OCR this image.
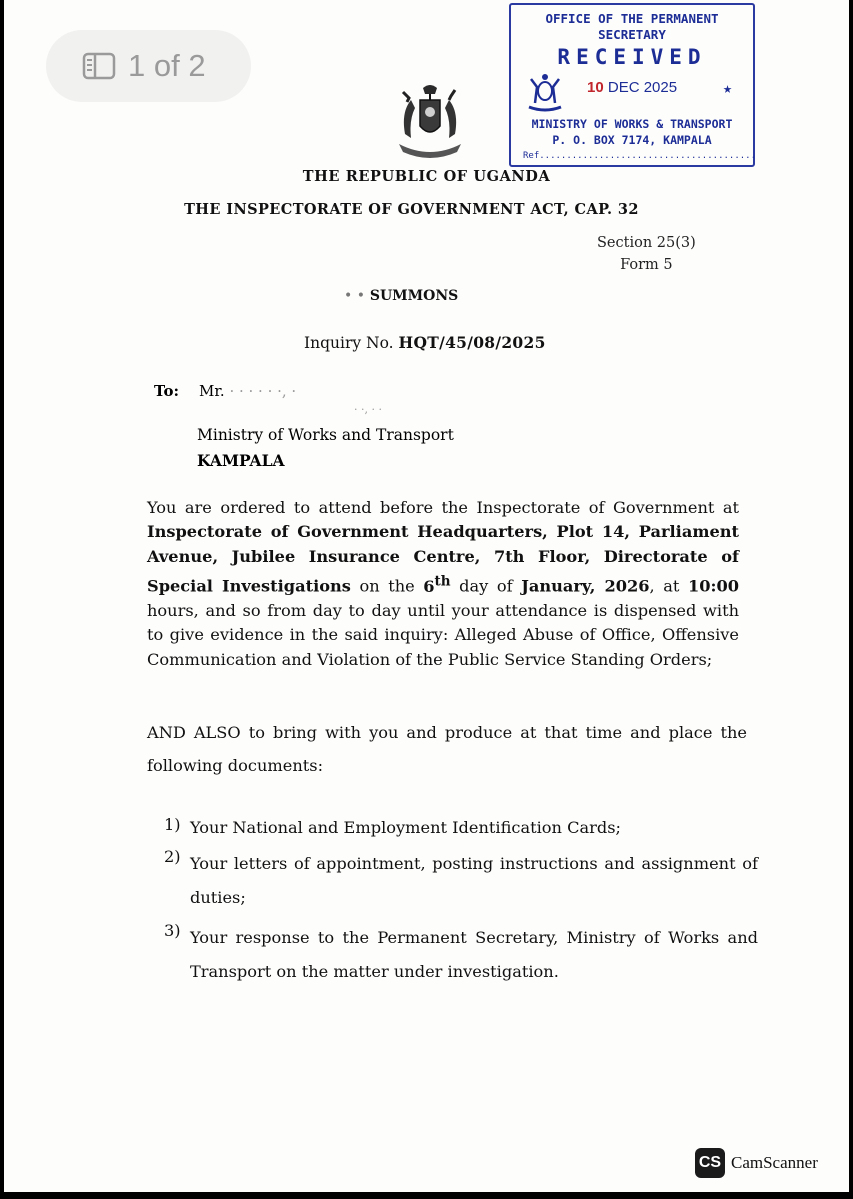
1 of 2
OFFICE OF THE PERMANENT
SECRETARY
RECEIVED
10 DEC 2025	★
MINISTRY OF WORKS & TRANSPORT
P. O. BOX 7174, KAMPALA
Ref........................................
THE REPUBLIC OF UGANDA
THE INSPECTORATE OF GOVERNMENT ACT, CAP. 32
Section 25(3)
Form 5
• • SUMMONS
Inquiry No. HQT/45/08/2025
To: Mr. · · · · · ·, ·
· ·, · ·
Ministry of Works and Transport
KAMPALA
You are ordered to attend before the Inspectorate of Government at Inspectorate of Government Headquarters, Plot 14, Parliament Avenue, Jubilee Insurance Centre, 7th Floor, Directorate of Special Investigations on the 6th day of January, 2026, at 10:00 hours, and so from day to day until your attendance is dispensed with to give evidence in the said inquiry: Alleged Abuse of Office, Offensive Communication and Violation of the Public Service Standing Orders;
AND ALSO to bring with you and produce at that time and place the following documents:
1) Your National and Employment Identification Cards;
2) Your letters of appointment, posting instructions and assignment of duties;
3) Your response to the Permanent Secretary, Ministry of Works and Transport on the matter under investigation.
CS CamScanner
